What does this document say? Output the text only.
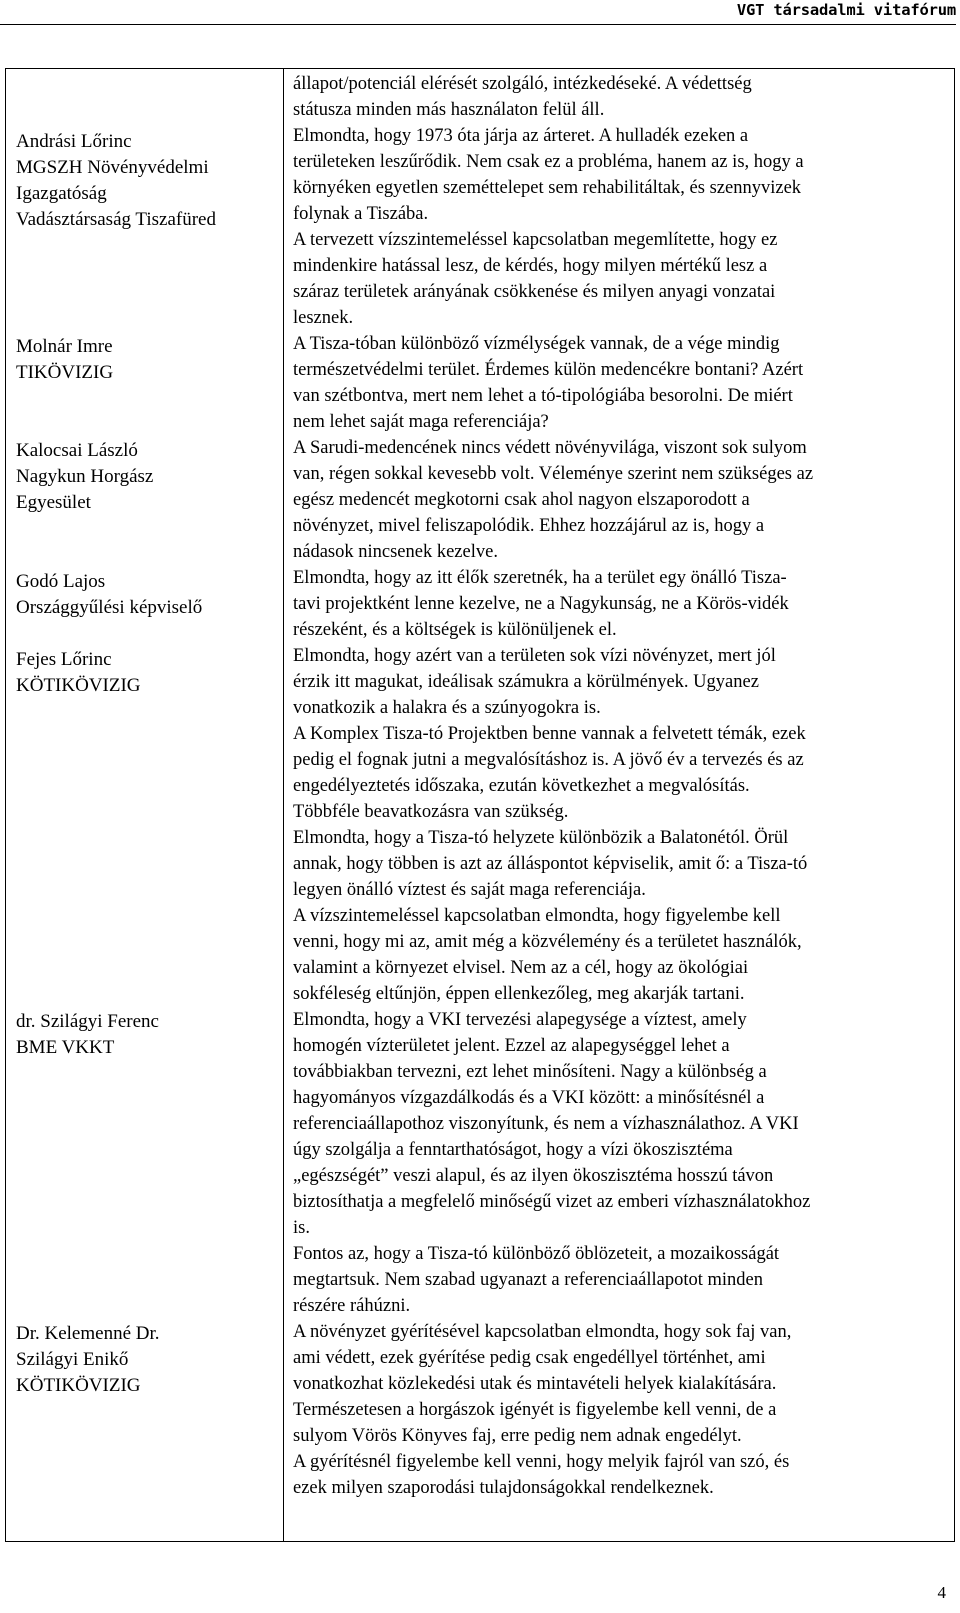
VGT társadalmi vitafórum
Andrási Lőrinc
MGSZH Növényvédelmi
Igazgatóság
Vadásztársaság Tiszafüred
Molnár Imre
TIKÖVIZIG
Kalocsai László
Nagykun Horgász
Egyesület
Godó Lajos
Országgyűlési képviselő
Fejes Lőrinc
KÖTIKÖVIZIG
dr. Szilágyi Ferenc
BME VKKT
Dr. Kelemenné Dr.
Szilágyi Enikő
KÖTIKÖVIZIG

állapot/potenciál elérését szolgáló, intézkedéseké. A védettség

státusza minden más használaton felül áll.

Elmondta, hogy 1973 óta járja az árteret. A hulladék ezeken a

területeken leszűrődik. Nem csak ez a probléma, hanem az is, hogy a

környéken egyetlen szeméttelepet sem rehabilitáltak, és szennyvizek

folynak a Tiszába.

A tervezett vízszintemeléssel kapcsolatban megemlítette, hogy ez

mindenkire hatással lesz, de kérdés, hogy milyen mértékű lesz a

száraz területek arányának csökkenése és milyen anyagi vonzatai

lesznek.

A Tisza-tóban különböző vízmélységek vannak, de a vége mindig

természetvédelmi terület. Érdemes külön medencékre bontani? Azért

van szétbontva, mert nem lehet a tó-tipológiába besorolni. De miért

nem lehet saját maga referenciája?

A Sarudi-medencének nincs védett növényvilága, viszont sok sulyom

van, régen sokkal kevesebb volt. Véleménye szerint nem szükséges az

egész medencét megkotorni csak ahol nagyon elszaporodott a

növényzet, mivel feliszapolódik. Ehhez hozzájárul az is, hogy a

nádasok nincsenek kezelve.

Elmondta, hogy az itt élők szeretnék, ha a terület egy önálló Tisza-

tavi projektként lenne kezelve, ne a Nagykunság, ne a Körös-vidék

részeként, és a költségek is különüljenek el.

Elmondta, hogy azért van a területen sok vízi növényzet, mert jól

érzik itt magukat, ideálisak számukra a körülmények. Ugyanez

vonatkozik a halakra és a szúnyogokra is.

A Komplex Tisza-tó Projektben benne vannak a felvetett témák, ezek

pedig el fognak jutni a megvalósításhoz is. A jövő év a tervezés és az

engedélyeztetés időszaka, ezután következhet a megvalósítás.

Többféle beavatkozásra van szükség.

Elmondta, hogy a Tisza-tó helyzete különbözik a Balatonétól. Örül

annak, hogy többen is azt az álláspontot képviselik, amit ő: a Tisza-tó

legyen önálló víztest és saját maga referenciája.

A vízszintemeléssel kapcsolatban elmondta, hogy figyelembe kell

venni, hogy mi az, amit még a közvélemény és a területet használók,

valamint a környezet elvisel. Nem az a cél, hogy az ökológiai

sokféleség eltűnjön, éppen ellenkezőleg, meg akarják tartani.

Elmondta, hogy a VKI tervezési alapegysége a víztest, amely

homogén vízterületet jelent. Ezzel az alapegységgel lehet a

továbbiakban tervezni, ezt lehet minősíteni. Nagy a különbség a

hagyományos vízgazdálkodás és a VKI között: a minősítésnél a

referenciaállapothoz viszonyítunk, és nem a vízhasználathoz. A VKI

úgy szolgálja a fenntarthatóságot, hogy a vízi ökoszisztéma

„egészségét” veszi alapul, és az ilyen ökoszisztéma hosszú távon

biztosíthatja a megfelelő minőségű vizet az emberi vízhasználatokhoz

is.

Fontos az, hogy a Tisza-tó különböző öblözeteit, a mozaikosságát

megtartsuk. Nem szabad ugyanazt a referenciaállapotot minden

részére ráhúzni.

A növényzet gyérítésével kapcsolatban elmondta, hogy sok faj van,

ami védett, ezek gyérítése pedig csak engedéllyel történhet, ami

vonatkozhat közlekedési utak és mintavételi helyek kialakítására.

Természetesen a horgászok igényét is figyelembe kell venni, de a

sulyom Vörös Könyves faj, erre pedig nem adnak engedélyt.

A gyérítésnél figyelembe kell venni, hogy melyik fajról van szó, és

ezek milyen szaporodási tulajdonságokkal rendelkeznek.

4
